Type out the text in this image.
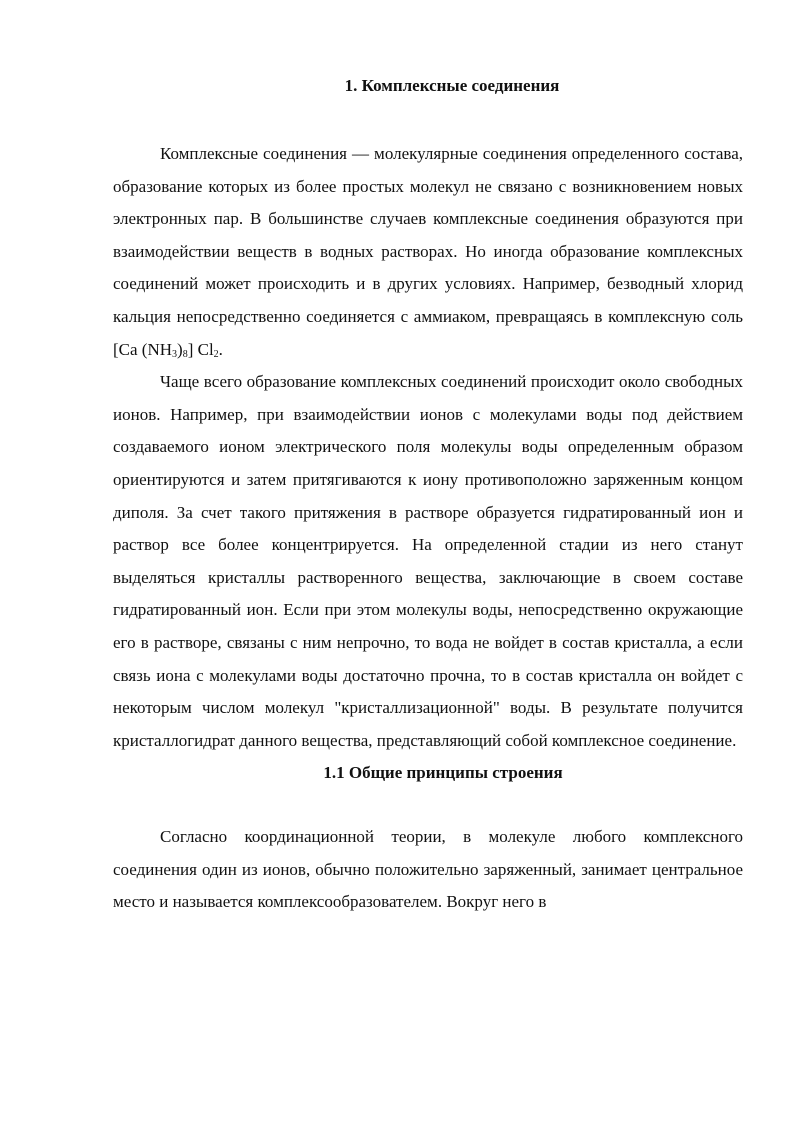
1. Комплексные соединения

Комплексные соединения — молекулярные соединения определенного состава, образование которых из более простых молекул не связано с возникновением новых электронных пар. В большинстве случаев комплексные соединения образуются при взаимодействии веществ в водных растворах. Но иногда образование комплексных соединений может происходить и в других условиях. Например, безводный хлорид кальция непосредственно соединяется с аммиаком, превращаясь в комплексную соль [Ca $(NH_3)_8$] $Cl_2$.

Чаще всего образование комплексных соединений происходит около свободных ионов. Например, при взаимодействии ионов с молекулами воды под действием создаваемого ионом электрического поля молекулы воды определенным образом ориентируются и затем притягиваются к иону противоположно заряженным концом диполя. За счет такого притяжения в растворе образуется гидратированный ион и раствор все более концентрируется. На определенной стадии из него станут выделяться кристаллы растворенного вещества, заключающие в своем составе гидратированный ион. Если при этом молекулы воды, непосредственно окружающие его в растворе, связаны с ним непрочно, то вода не войдет в состав кристалла, а если связь иона с молекулами воды достаточно прочна, то в состав кристалла он войдет с некоторым числом молекул "кристаллизационной" воды. В результате получится кристаллогидрат данного вещества, представляющий собой комплексное соединение.

1.1 Общие принципы строения

Согласно координационной теории, в молекуле любого комплексного соединения один из ионов, обычно положительно заряженный, занимает центральное место и называется комплексообразователем. Вокруг него в
